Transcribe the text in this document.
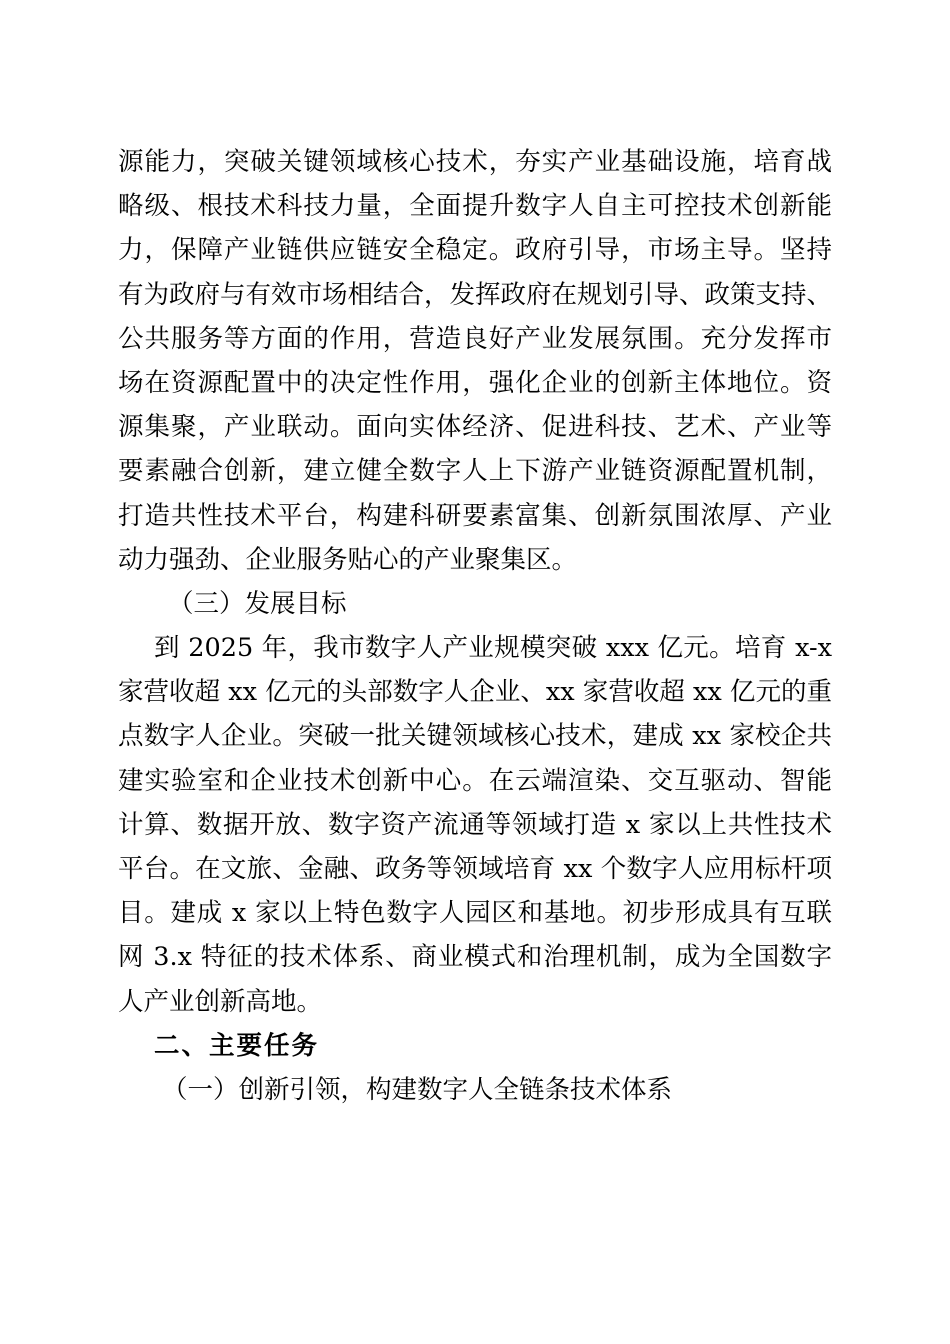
源能力，突破关键领域核心技术，夯实产业基础设施，培育战
略级、根技术科技力量，全面提升数字人自主可控技术创新能
力，保障产业链供应链安全稳定。政府引导，市场主导。坚持
有为政府与有效市场相结合，发挥政府在规划引导、政策支持、
公共服务等方面的作用，营造良好产业发展氛围。充分发挥市
场在资源配置中的决定性作用，强化企业的创新主体地位。资
源集聚，产业联动。面向实体经济、促进科技、艺术、产业等
要素融合创新，建立健全数字人上下游产业链资源配置机制，
打造共性技术平台，构建科研要素富集、创新氛围浓厚、产业
动力强劲、企业服务贴心的产业聚集区。
（三）发展目标
到 2025 年，我市数字人产业规模突破 xxx 亿元。培育 x-x
家营收超 xx 亿元的头部数字人企业、xx 家营收超 xx 亿元的重
点数字人企业。突破一批关键领域核心技术，建成 xx 家校企共
建实验室和企业技术创新中心。在云端渲染、交互驱动、智能
计算、数据开放、数字资产流通等领域打造 x 家以上共性技术
平台。在文旅、金融、政务等领域培育 xx 个数字人应用标杆项
目。建成 x 家以上特色数字人园区和基地。初步形成具有互联
网 3.x 特征的技术体系、商业模式和治理机制，成为全国数字
人产业创新高地。
二、主要任务
（一）创新引领，构建数字人全链条技术体系
